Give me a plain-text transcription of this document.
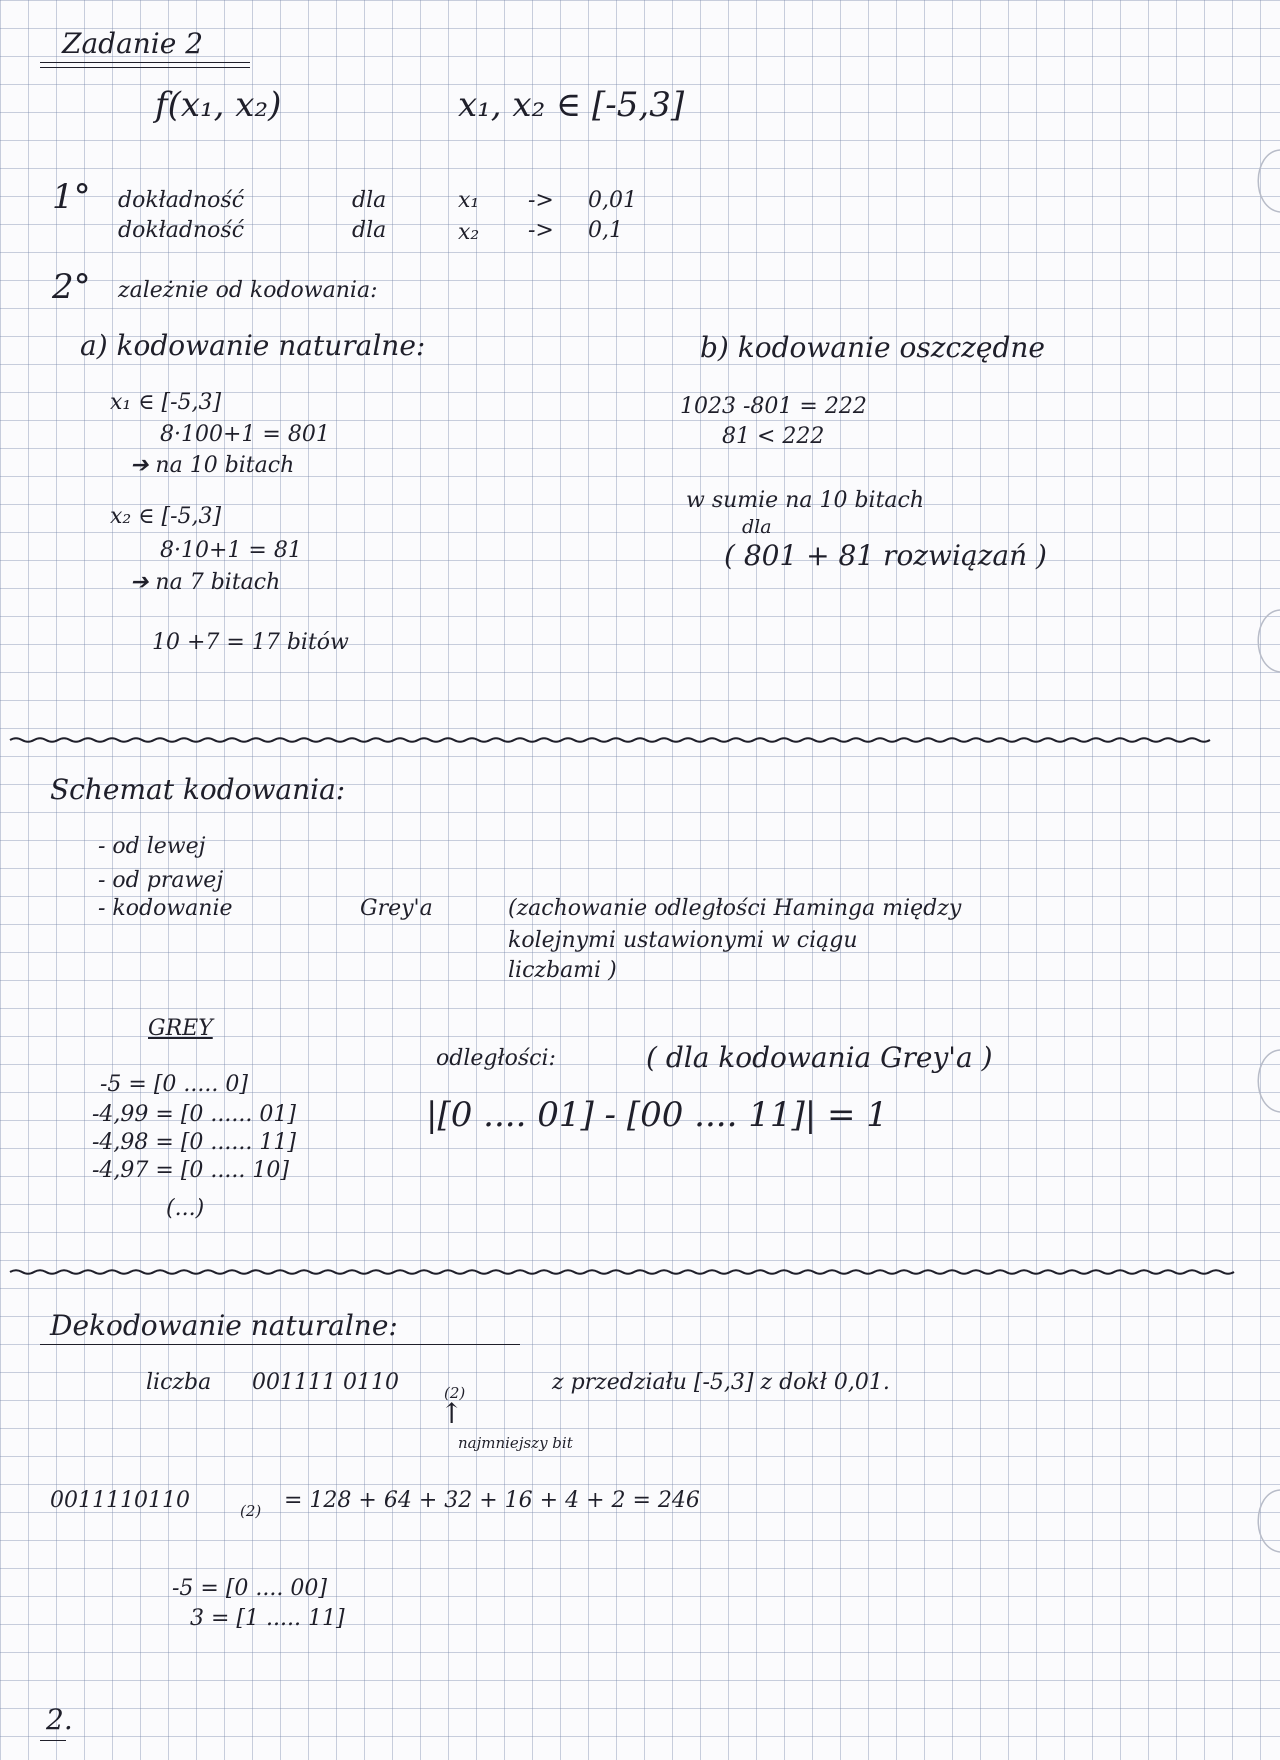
Zadanie 2
f(x₁, x₂)	x₁, x₂ ∈ [-5,3]
1° dokładność	dla	x₁ -> 0,01
dokładność	dla	x₂ -> 0,1
2° zależnie od kodowania:
a) kodowanie naturalne:
x₁ ∈ [-5,3]
8·100+1 = 801
➔ na 10 bitach
x₂ ∈ [-5,3]
8·10+1 = 81
➔ na 7 bitach
10 +7 = 17 bitów
b) kodowanie oszczędne
1023 -801 = 222
81 < 222
w sumie na 10 bitach
dla
( 801 + 81 rozwiązań )
Schemat kodowania:
- od lewej
- od prawej
- kodowanie	Grey'a	(zachowanie odległości Haminga między
kolejnymi ustawionymi w ciągu
liczbami )
GREY
-5 = [0 ..... 0]
-4,99 = [0 ...... 01]
-4,98 = [0 ...... 11]
-4,97 = [0 ..... 10]
(...)
odległości:	( dla kodowania Grey'a )
|[0 .... 01] - [00 .... 11]| = 1
Dekodowanie naturalne:
liczba 001111 0110	(2)	z przedziału [-5,3] z dokł 0,01.
↑
najmniejszy bit
0011110110	(2) = 128 + 64 + 32 + 16 + 4 + 2 = 246
-5 = [0 .... 00]
3 = [1 ..... 11]
2.
